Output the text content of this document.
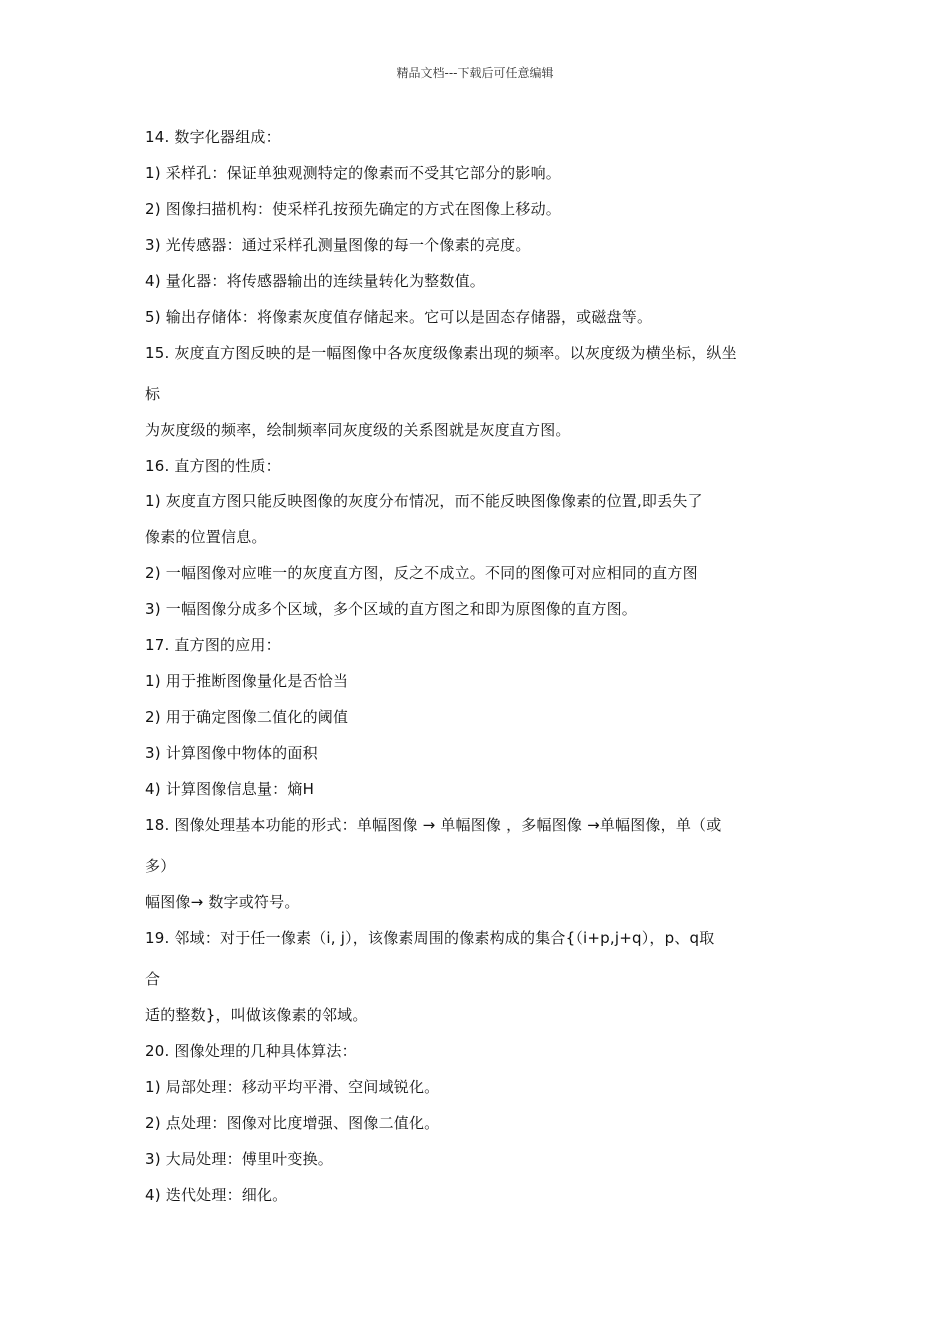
精品文档---下载后可任意编辑
14. 数字化器组成：
1) 采样孔：保证单独观测特定的像素而不受其它部分的影响。
2) 图像扫描机构：使采样孔按预先确定的方式在图像上移动。
3) 光传感器：通过采样孔测量图像的每一个像素的亮度。
4) 量化器：将传感器输出的连续量转化为整数值。
5) 输出存储体：将像素灰度值存储起来。它可以是固态存储器，或磁盘等。
15. 灰度直方图反映的是一幅图像中各灰度级像素出现的频率。以灰度级为横坐标，纵坐
标
为灰度级的频率，绘制频率同灰度级的关系图就是灰度直方图。
16. 直方图的性质：
1) 灰度直方图只能反映图像的灰度分布情况，而不能反映图像像素的位置,即丢失了
像素的位置信息。
2) 一幅图像对应唯一的灰度直方图，反之不成立。不同的图像可对应相同的直方图
3) 一幅图像分成多个区域，多个区域的直方图之和即为原图像的直方图。
17. 直方图的应用：
1) 用于推断图像量化是否恰当
2) 用于确定图像二值化的阈值
3) 计算图像中物体的面积
4) 计算图像信息量：熵H
18. 图像处理基本功能的形式：单幅图像 → 单幅图像 ，多幅图像 →单幅图像，单（或
多）
幅图像→ 数字或符号。
19. 邻域：对于任一像素（i, j），该像素周围的像素构成的集合{（i+p,j+q），p、q取
合
适的整数}，叫做该像素的邻域。
20. 图像处理的几种具体算法：
1) 局部处理：移动平均平滑、空间域锐化。
2) 点处理：图像对比度增强、图像二值化。
3) 大局处理：傅里叶变换。
4) 迭代处理：细化。
